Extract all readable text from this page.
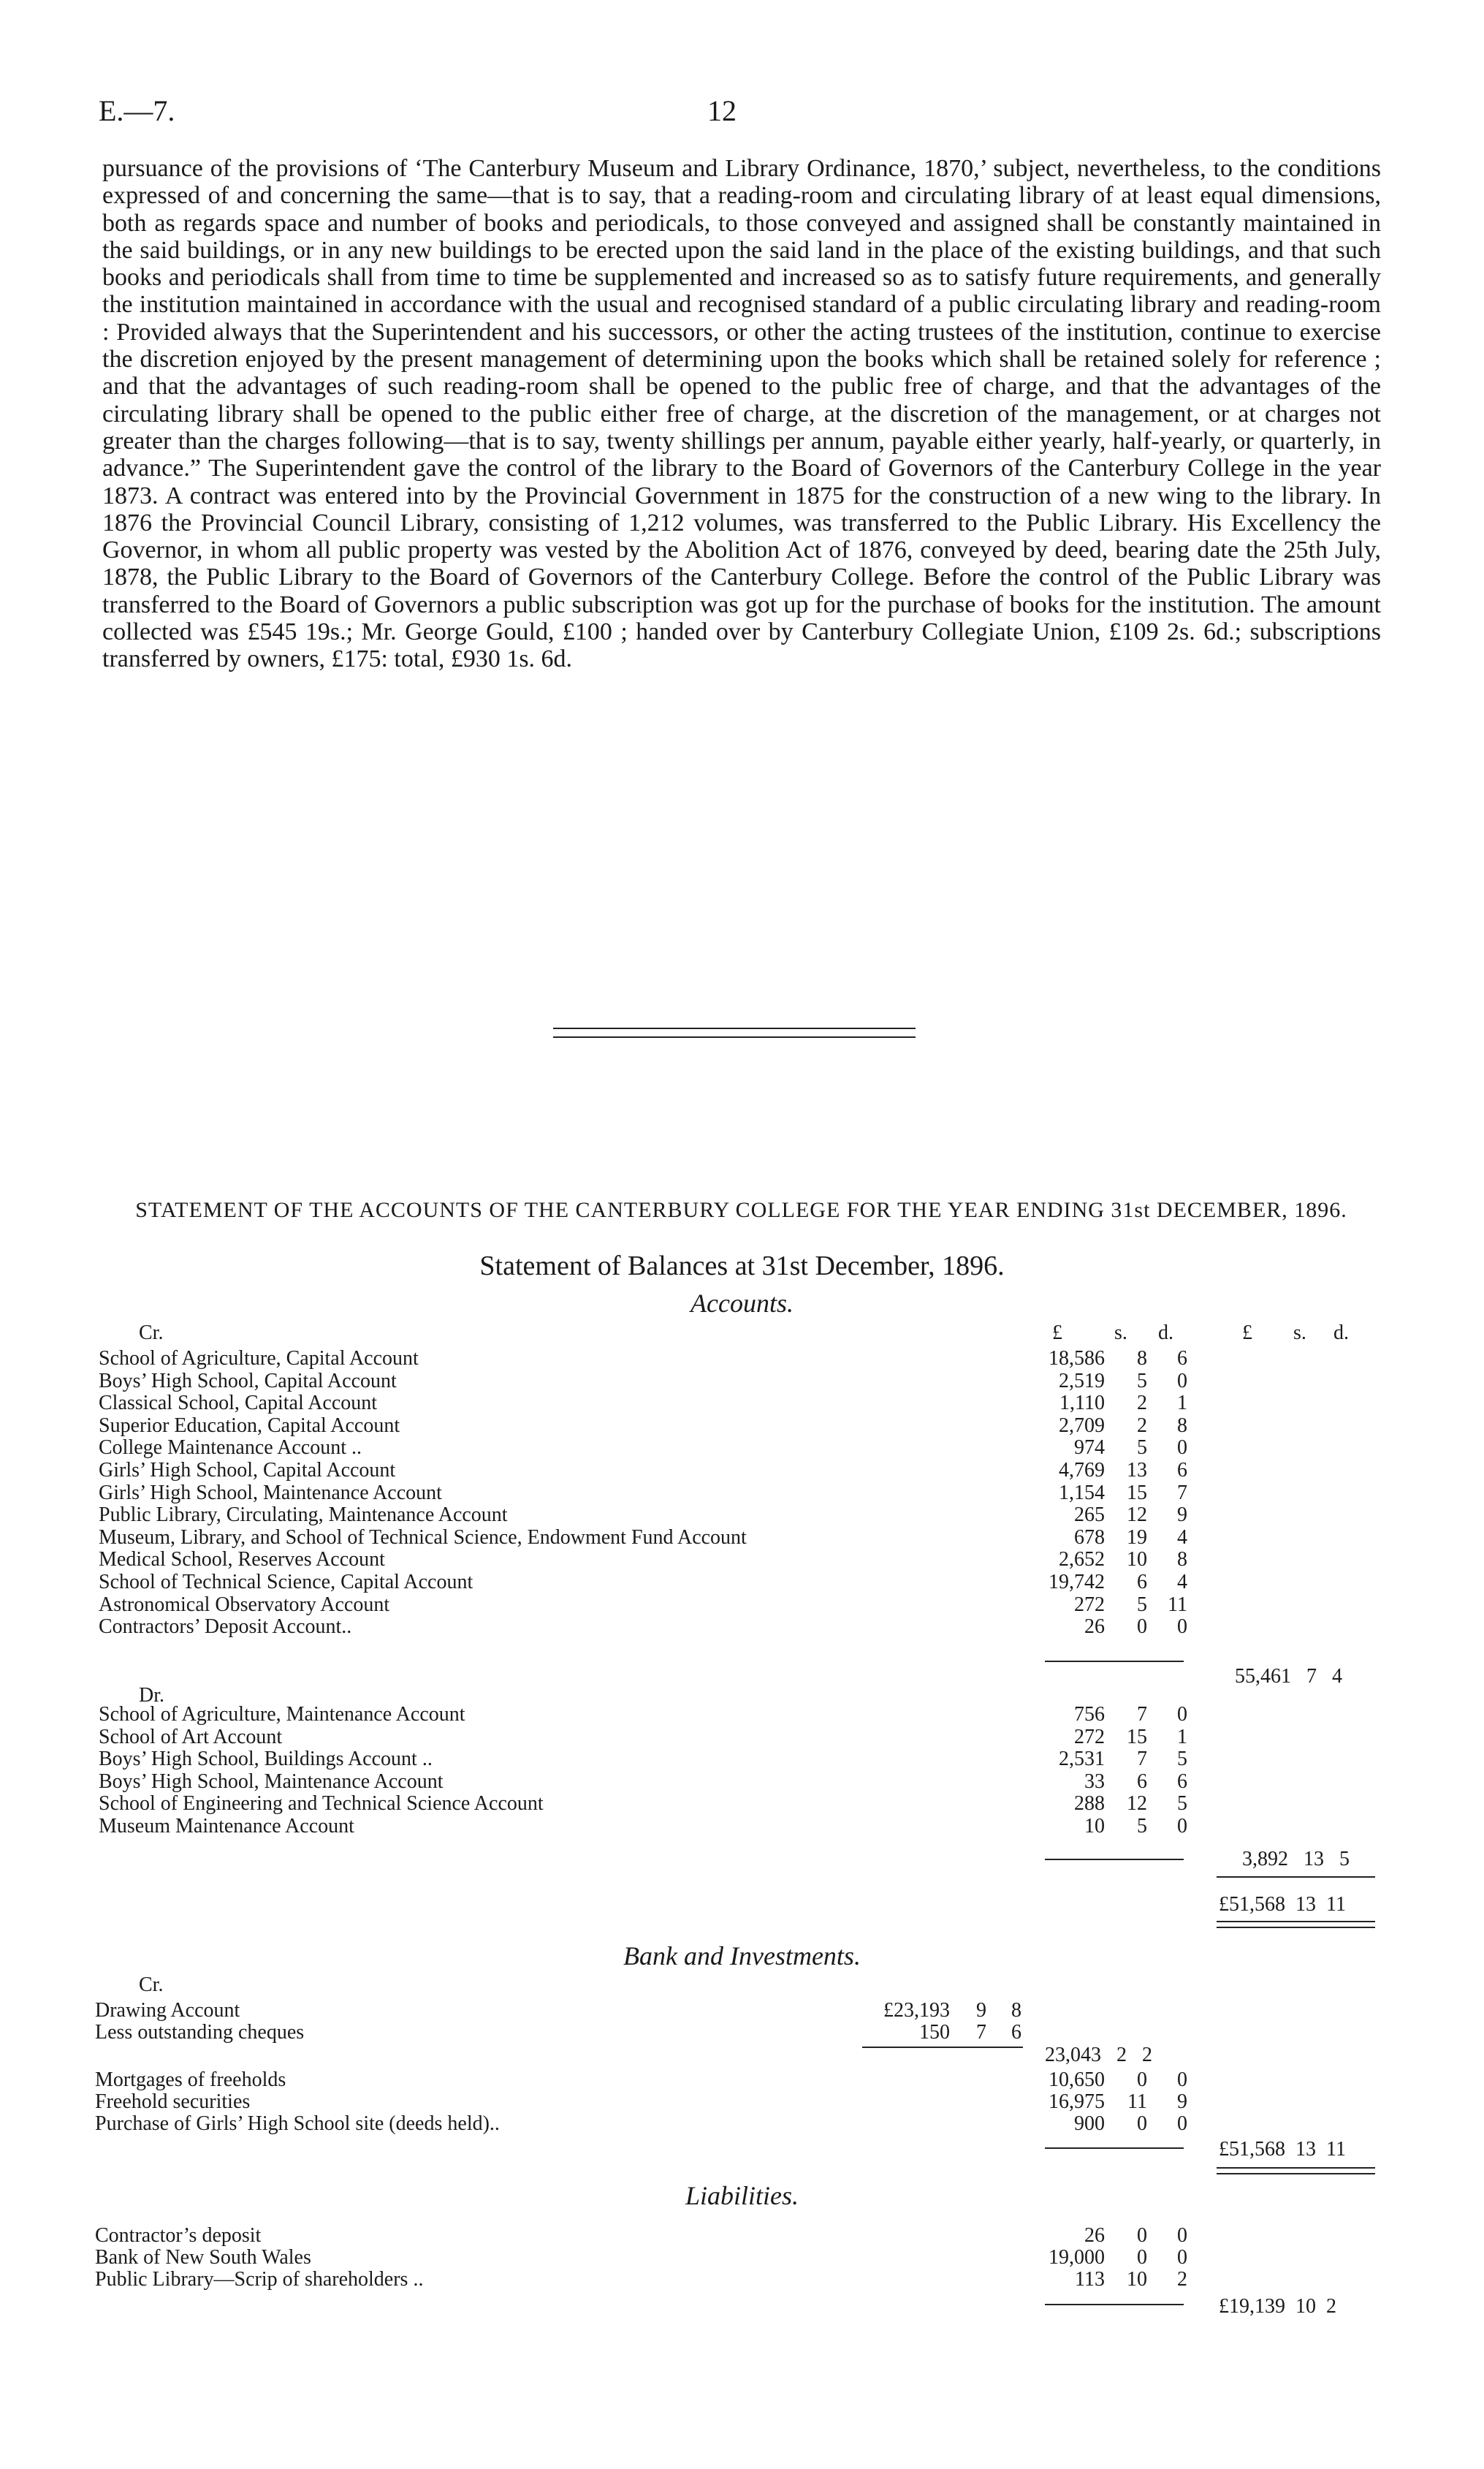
E.—7.	12

pursuance of the provisions of ‘The Canterbury Museum and Library Ordinance, 1870,’ subject, nevertheless, to the conditions expressed of and concerning the same—that is to say, that a reading-room and circulating library of at least equal dimensions, both as regards space and number of books and periodicals, to those conveyed and assigned shall be constantly maintained in the said buildings, or in any new buildings to be erected upon the said land in the place of the existing buildings, and that such books and periodicals shall from time to time be supplemented and increased so as to satisfy future requirements, and generally the institution maintained in accordance with the usual and recognised standard of a public circulating library and reading-room : Provided always that the Superintendent and his successors, or other the acting trustees of the institution, continue to exercise the discretion enjoyed by the present management of determining upon the books which shall be retained solely for reference ; and that the advantages of such reading-room shall be opened to the public free of charge, and that the advantages of the circulating library shall be opened to the public either free of charge, at the discretion of the management, or at charges not greater than the charges following—that is to say, twenty shillings per annum, payable either yearly, half-yearly, or quarterly, in advance.” The Superintendent gave the control of the library to the Board of Governors of the Canterbury College in the year 1873. A contract was entered into by the Provincial Government in 1875 for the construction of a new wing to the library. In 1876 the Provincial Council Library, consisting of 1,212 volumes, was transferred to the Public Library. His Excellency the Governor, in whom all public property was vested by the Abolition Act of 1876, conveyed by deed, bearing date the 25th July, 1878, the Public Library to the Board of Governors of the Canterbury College. Before the control of the Public Library was transferred to the Board of Governors a public subscription was got up for the purchase of books for the institution. The amount collected was £545 19s.; Mr. George Gould, £100 ; handed over by Canterbury Collegiate Union, £109 2s. 6d.; subscriptions transferred by owners, £175: total, £930 1s. 6d.

STATEMENT OF THE ACCOUNTS OF THE CANTERBURY COLLEGE FOR THE YEAR ENDING 31st DECEMBER, 1896.

Statement of Balances at 31st December, 1896.
Accounts.
£	s. d.	£ s. d.
Cr.
School of Agriculture, Capital Account	18,586	8	6
Boys’ High School, Capital Account	2,519	5	0
Classical School, Capital Account	1,110	2	1
Superior Education, Capital Account	2,709	2	8
College Maintenance Account ..	974	5	0
Girls’ High School, Capital Account	4,769	13	6
Girls’ High School, Maintenance Account	1,154	15	7
Public Library, Circulating, Maintenance Account	265	12	9
Museum, Library, and School of Technical Science, Endowment Fund Account	678	19	4
Medical School, Reserves Account	2,652	10	8
School of Technical Science, Capital Account	19,742	6	4
Astronomical Observatory Account	272	5	11
Contractors’ Deposit Account..	26	0	0
55,461 7 4
Dr.
School of Agriculture, Maintenance Account	756	7	0
School of Art Account	272	15	1
Boys’ High School, Buildings Account ..	2,531	7	5
Boys’ High School, Maintenance Account	33	6	6
School of Engineering and Technical Science Account	288	12	5
Museum Maintenance Account	10	5	0
3,892 13 5
£51,568 13 11
Bank and Investments.
Cr.
Drawing Account	£23,193	9	8
Less outstanding cheques	150	7	6
23,043 2 2
Mortgages of freeholds	10,650	0	0
Freehold securities	16,975	11	9
Purchase of Girls’ High School site (deeds held)..	900	0	0
£51,568 13 11
Liabilities.
Contractor’s deposit	26	0	0
Bank of New South Wales	19,000	0	0
Public Library—Scrip of shareholders ..	113	10	2
£19,139 10 2
